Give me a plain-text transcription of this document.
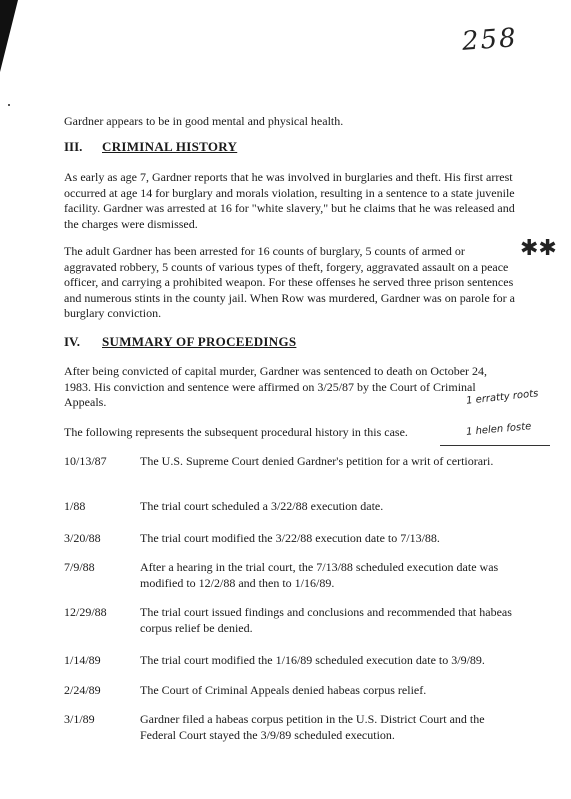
258

Gardner appears to be in good mental and physical health.

III. CRIMINAL HISTORY

As early as age 7, Gardner reports that he was involved in burglaries and theft. His first arrest occurred at age 14 for burglary and morals violation, resulting in a sentence to a state juvenile facility. Gardner was arrested at 16 for "white slavery," but he claims that he was released and the charges were dismissed.

The adult Gardner has been arrested for 16 counts of burglary, 5 counts of armed or aggravated robbery, 5 counts of various types of theft, forgery, aggravated assault on a peace officer, and carrying a prohibited weapon. For these offenses he served three prison sentences and numerous stints in the county jail. When Row was murdered, Gardner was on parole for a burglary conviction.

✱✱
IV. SUMMARY OF PROCEEDINGS

After being convicted of capital murder, Gardner was sentenced to death on October 24, 1983. His conviction and sentence were affirmed on 3/25/87 by the Court of Criminal Appeals.

The following represents the subsequent procedural history in this case.

1 erratty roots
1 helen foste
10/13/87	The U.S. Supreme Court denied Gardner's petition for a writ of certiorari.
1/88	The trial court scheduled a 3/22/88 execution date.
3/20/88	The trial court modified the 3/22/88 execution date to 7/13/88.
7/9/88	After a hearing in the trial court, the 7/13/88 scheduled execution date was modified to 12/2/88 and then to 1/16/89.
12/29/88	The trial court issued findings and conclusions and recommended that habeas corpus relief be denied.
1/14/89	The trial court modified the 1/16/89 scheduled execution date to 3/9/89.
2/24/89	The Court of Criminal Appeals denied habeas corpus relief.
3/1/89	Gardner filed a habeas corpus petition in the U.S. District Court and the Federal Court stayed the 3/9/89 scheduled execution.
